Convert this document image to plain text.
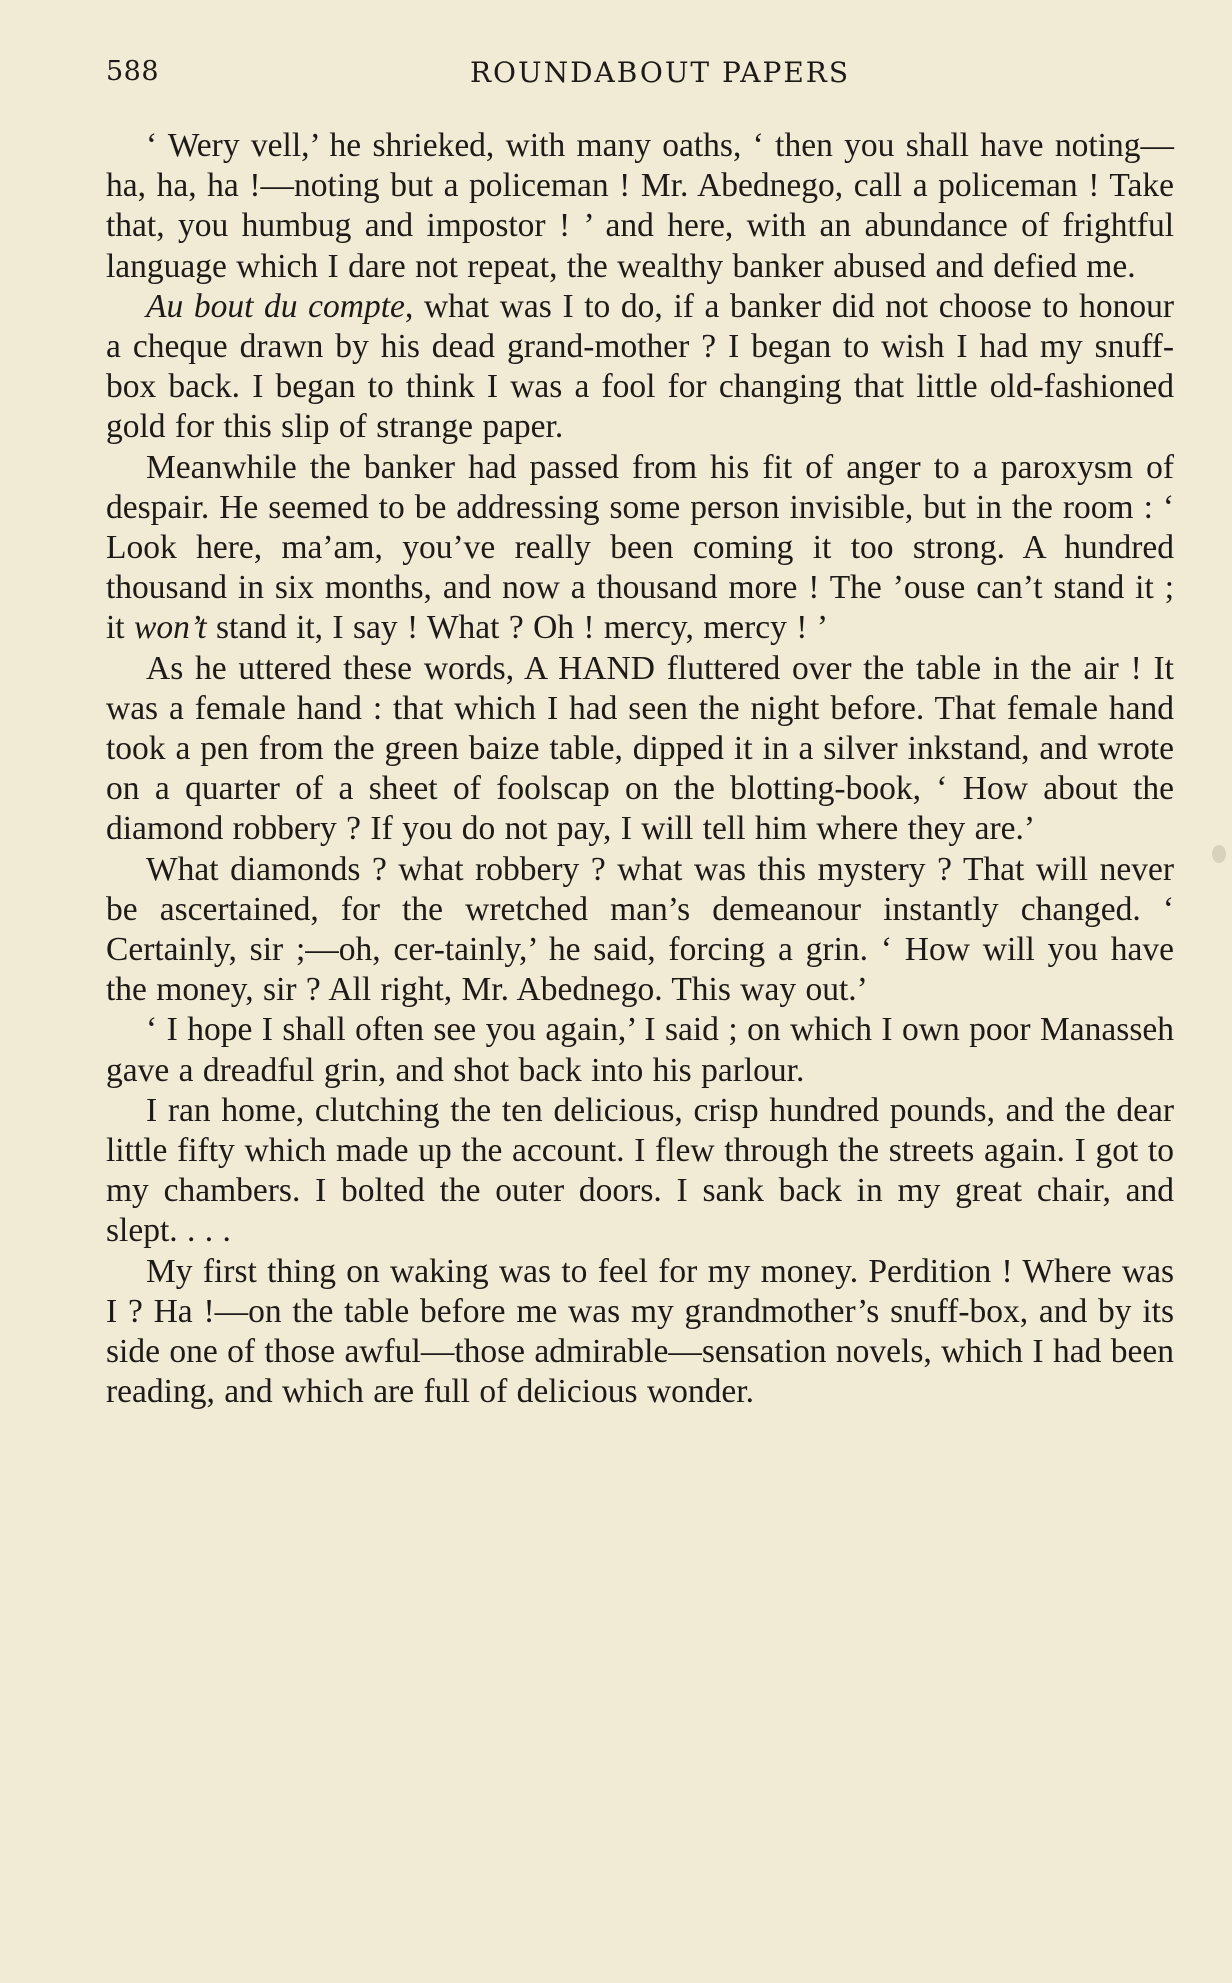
588	ROUNDABOUT PAPERS

‘ Wery vell,’ he shrieked, with many oaths, ‘ then you shall have noting—ha, ha, ha !—noting but a policeman ! Mr. Abednego, call a policeman ! Take that, you humbug and impostor ! ’ and here, with an abundance of frightful language which I dare not repeat, the wealthy banker abused and defied me.

Au bout du compte, what was I to do, if a banker did not choose to honour a cheque drawn by his dead grand-mother ? I began to wish I had my snuff-box back. I began to think I was a fool for changing that little old-fashioned gold for this slip of strange paper.

Meanwhile the banker had passed from his fit of anger to a paroxysm of despair. He seemed to be addressing some person invisible, but in the room : ‘ Look here, ma’am, you’ve really been coming it too strong. A hundred thousand in six months, and now a thousand more ! The ’ouse can’t stand it ; it won’t stand it, I say ! What ? Oh ! mercy, mercy ! ’

As he uttered these words, A HAND fluttered over the table in the air ! It was a female hand : that which I had seen the night before. That female hand took a pen from the green baize table, dipped it in a silver inkstand, and wrote on a quarter of a sheet of foolscap on the blotting-book, ‘ How about the diamond robbery ? If you do not pay, I will tell him where they are.’

What diamonds ? what robbery ? what was this mystery ? That will never be ascertained, for the wretched man’s demeanour instantly changed. ‘ Certainly, sir ;—oh, cer-tainly,’ he said, forcing a grin. ‘ How will you have the money, sir ? All right, Mr. Abednego. This way out.’

‘ I hope I shall often see you again,’ I said ; on which I own poor Manasseh gave a dreadful grin, and shot back into his parlour.

I ran home, clutching the ten delicious, crisp hundred pounds, and the dear little fifty which made up the account. I flew through the streets again. I got to my chambers. I bolted the outer doors. I sank back in my great chair, and slept. . . .

My first thing on waking was to feel for my money. Perdition ! Where was I ? Ha !—on the table before me was my grandmother’s snuff-box, and by its side one of those awful—those admirable—sensation novels, which I had been reading, and which are full of delicious wonder.
